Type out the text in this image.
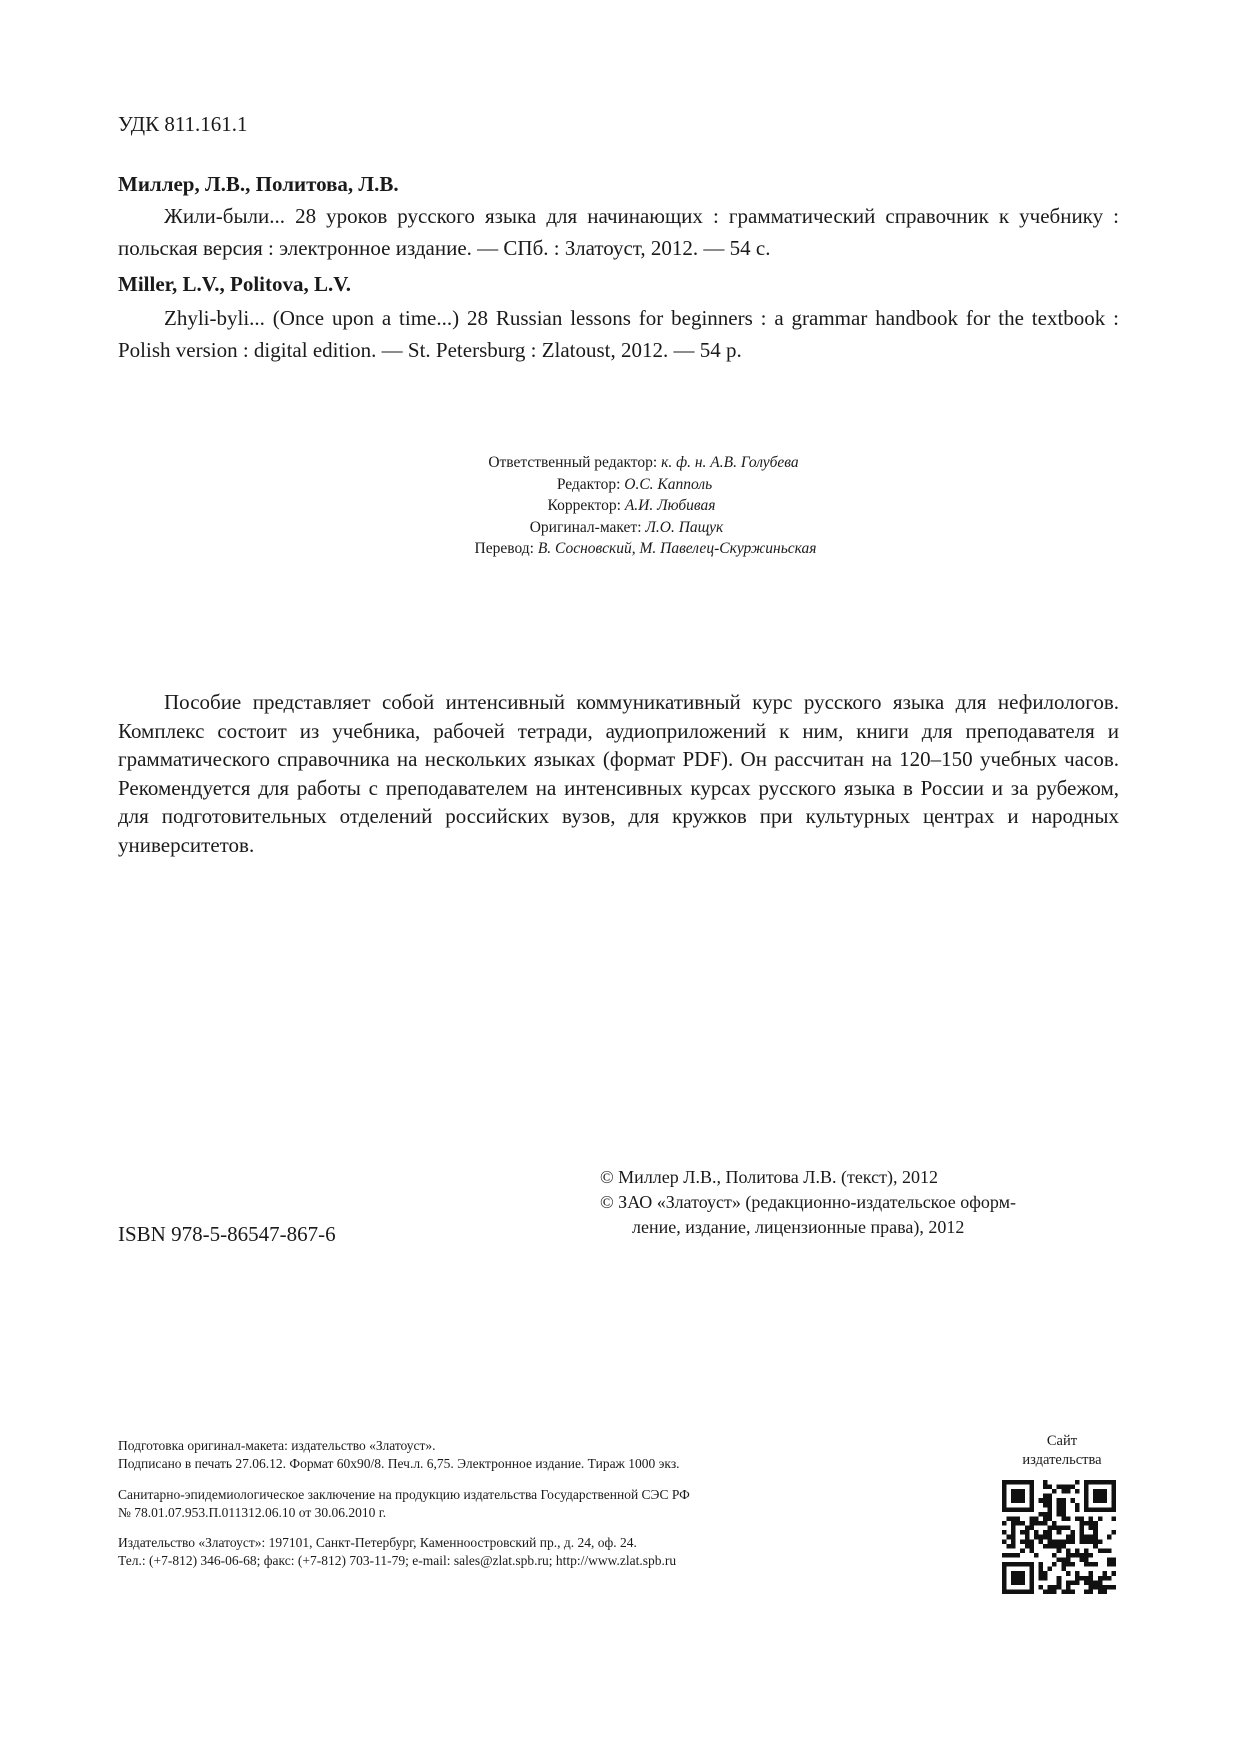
УДК 811.161.1
Миллер, Л.В., Политова, Л.В.
Жили-были... 28 уроков русского языка для начинающих : грамматический справочник к учебнику : польская версия : электронное издание. — СПб. : Златоуст, 2012. — 54 с.
Miller, L.V., Politova, L.V.
Zhyli-byli... (Once upon a time...) 28 Russian lessons for beginners : a grammar handbook for the textbook : Polish version : digital edition. — St. Petersburg : Zlatoust, 2012. — 54 p.
Ответственный редактор: к. ф. н. А.В. Голубева
Редактор: О.С. Капполь
Корректор: А.И. Любивая
Оригинал-макет: Л.О. Пащук
Перевод: В. Сосновский, М. Павелец-Скуржиньская
Пособие представляет собой интенсивный коммуникативный курс русского языка для нефилологов. Комплекс состоит из учебника, рабочей тетради, аудиоприложений к ним, книги для преподавателя и грамматического справочника на нескольких языках (формат PDF). Он рассчитан на 120–150 учебных часов. Рекомендуется для работы с преподавателем на интенсивных курсах русского языка в России и за рубежом, для подготовительных отделений российских вузов, для кружков при культурных центрах и народных университетов.
ISBN 978-5-86547-867-6
© Миллер Л.В., Политова Л.В. (текст), 2012
© ЗАО «Златоуст» (редакционно-издательское оформ-
ление, издание, лицензионные права), 2012
Подготовка оригинал-макета: издательство «Златоуст».
Подписано в печать 27.06.12. Формат 60х90/8. Печ.л. 6,75. Электронное издание. Тираж 1000 экз.
Санитарно-эпидемиологическое заключение на продукцию издательства Государственной СЭС РФ
№ 78.01.07.953.П.011312.06.10 от 30.06.2010 г.
Издательство «Златоуст»: 197101, Санкт-Петербург, Каменноостровский пр., д. 24, оф. 24.
Тел.: (+7-812) 346-06-68; факс: (+7-812) 703-11-79; e-mail: sales@zlat.spb.ru; http://www.zlat.spb.ru
Сайт
издательства
